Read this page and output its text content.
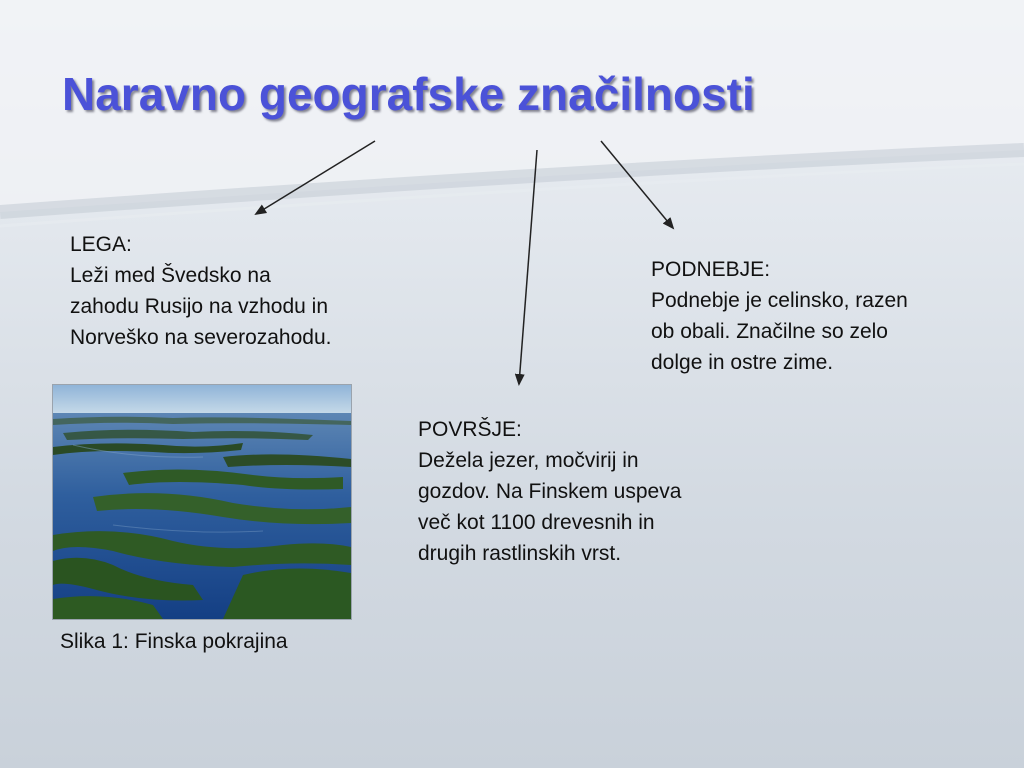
Naravno geografske značilnosti
LEGA:
Leži med Švedsko na
zahodu Rusijo na vzhodu in
Norveško na severozahodu.
PODNEBJE:
Podnebje je celinsko, razen
ob obali. Značilne so zelo
dolge in ostre zime.
POVRŠJE:
Dežela jezer, močvirij in
gozdov. Na Finskem uspeva
več kot 1100 drevesnih in
drugih rastlinskih vrst.
Slika 1: Finska pokrajina
